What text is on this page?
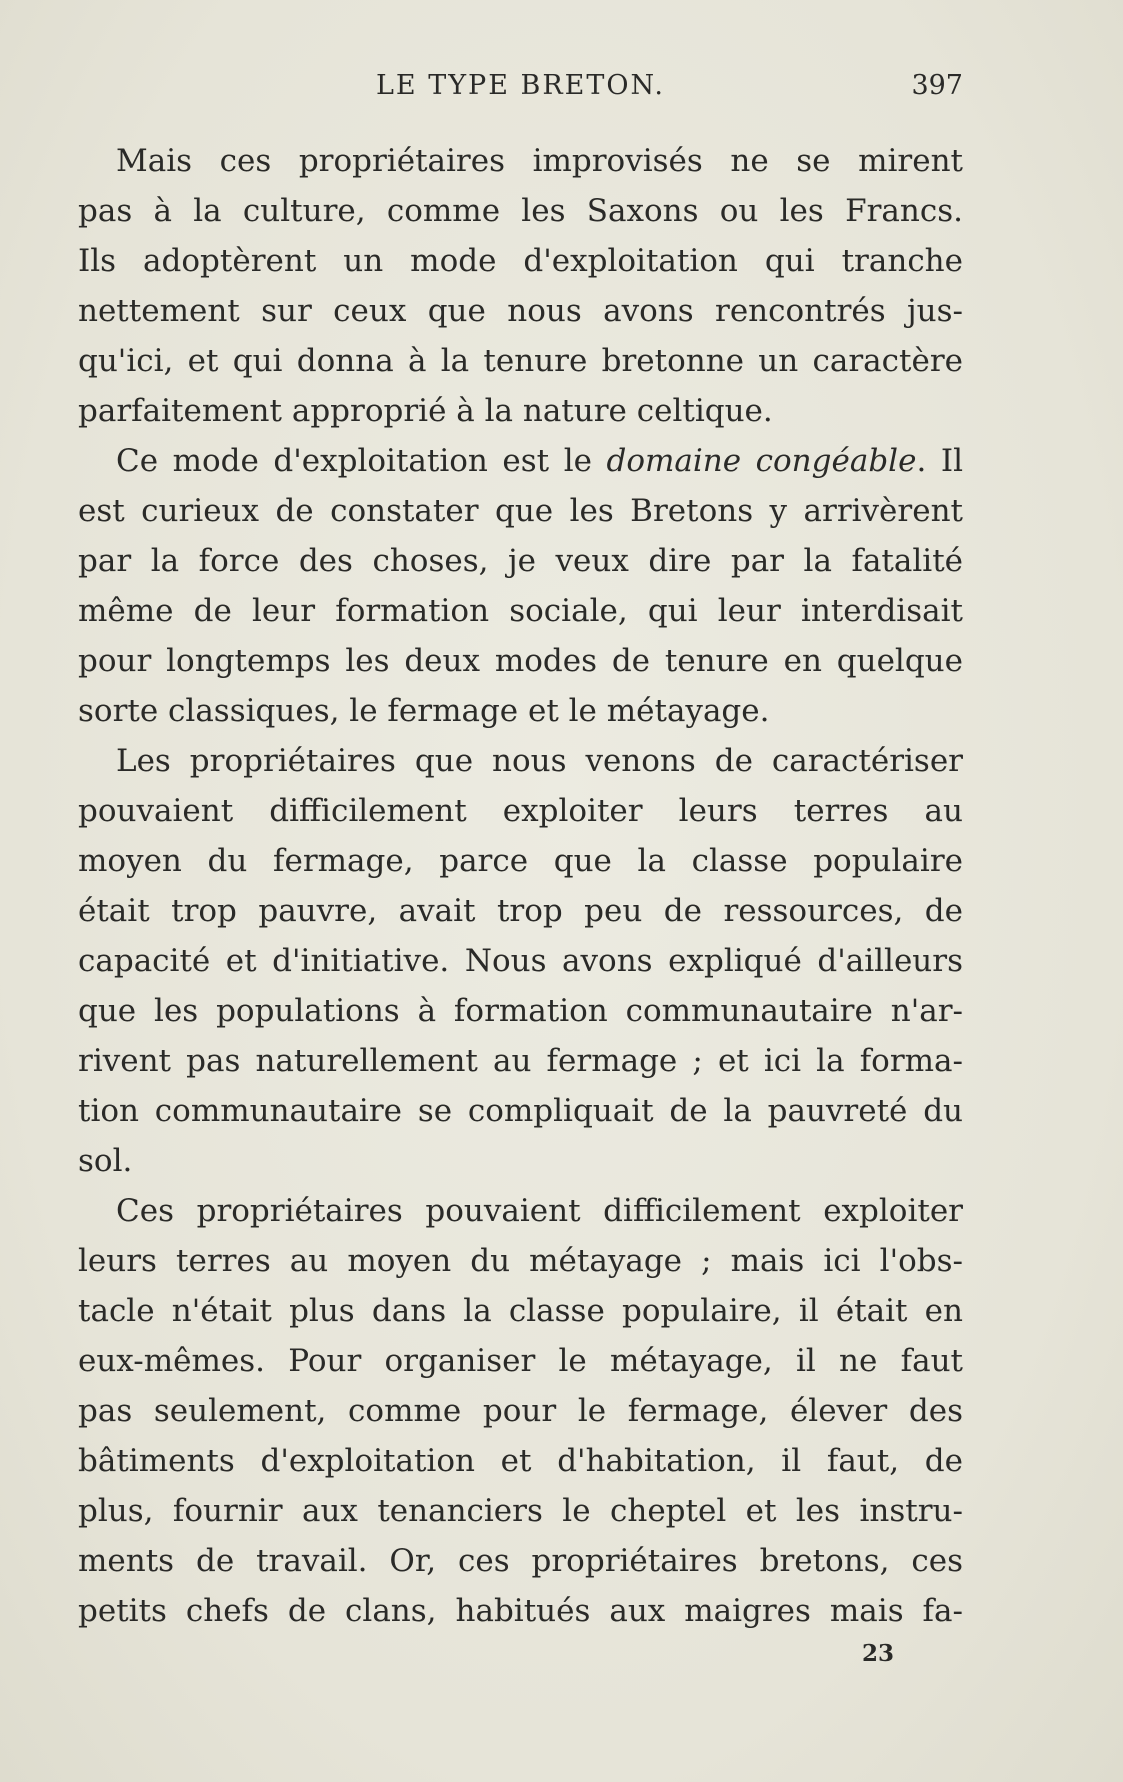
LE TYPE BRETON.	397
Mais ces propriétaires improvisés ne se mirent
pas à la culture, comme les Saxons ou les Francs.
Ils adoptèrent un mode d'exploitation qui tranche
nettement sur ceux que nous avons rencontrés jus-
qu'ici, et qui donna à la tenure bretonne un caractère
parfaitement approprié à la nature celtique.
Ce mode d'exploitation est le domaine congéable. Il
est curieux de constater que les Bretons y arrivèrent
par la force des choses, je veux dire par la fatalité
même de leur formation sociale, qui leur interdisait
pour longtemps les deux modes de tenure en quelque
sorte classiques, le fermage et le métayage.
Les propriétaires que nous venons de caractériser
pouvaient difficilement exploiter leurs terres au
moyen du fermage, parce que la classe populaire
était trop pauvre, avait trop peu de ressources, de
capacité et d'initiative. Nous avons expliqué d'ailleurs
que les populations à formation communautaire n'ar-
rivent pas naturellement au fermage ; et ici la forma-
tion communautaire se compliquait de la pauvreté du
sol.
Ces propriétaires pouvaient difficilement exploiter
leurs terres au moyen du métayage ; mais ici l'obs-
tacle n'était plus dans la classe populaire, il était en
eux-mêmes. Pour organiser le métayage, il ne faut
pas seulement, comme pour le fermage, élever des
bâtiments d'exploitation et d'habitation, il faut, de
plus, fournir aux tenanciers le cheptel et les instru-
ments de travail. Or, ces propriétaires bretons, ces
petits chefs de clans, habitués aux maigres mais fa-
23
